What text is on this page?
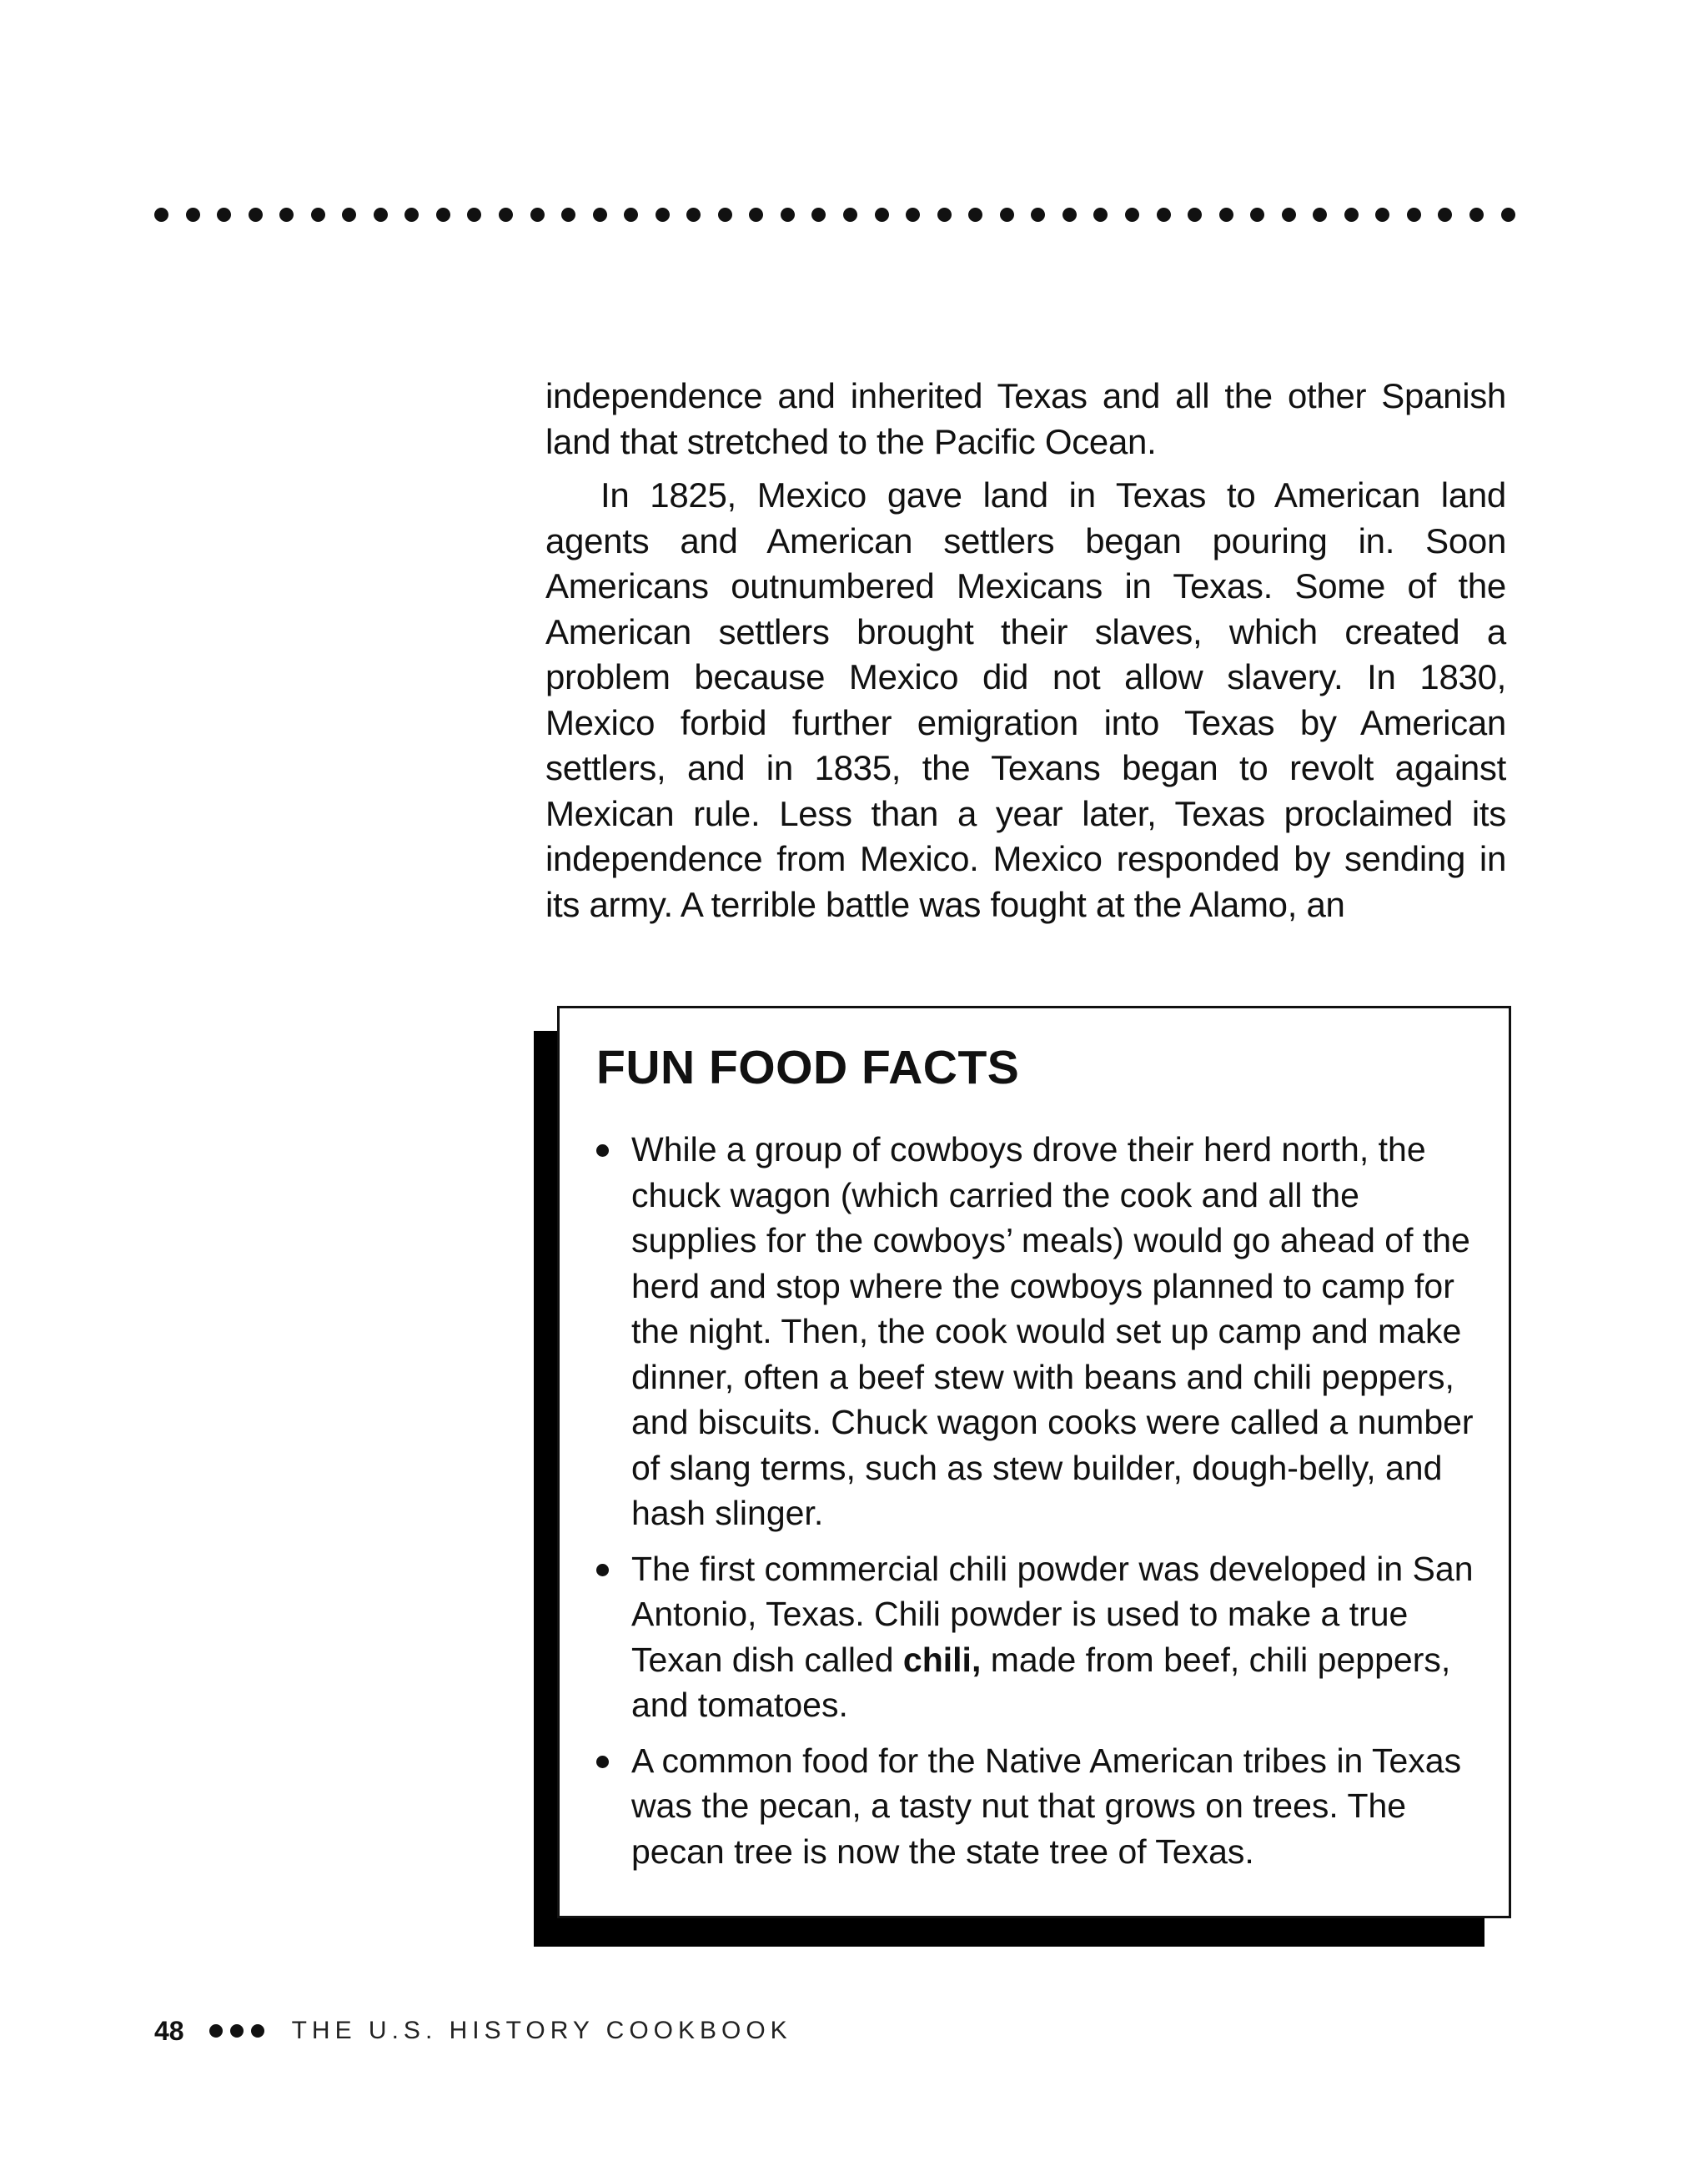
independence and inherited Texas and all the other Spanish land that stretched to the Pacific Ocean.

In 1825, Mexico gave land in Texas to American land agents and American settlers began pouring in. Soon Americans outnumbered Mexicans in Texas. Some of the American settlers brought their slaves, which created a problem because Mexico did not allow slavery. In 1830, Mexico forbid further emigration into Texas by American settlers, and in 1835, the Texans began to revolt against Mexican rule. Less than a year later, Texas proclaimed its independence from Mexico. Mexico responded by sending in its army. A terrible battle was fought at the Alamo, an

FUN FOOD FACTS
While a group of cowboys drove their herd north, the chuck wagon (which carried the cook and all the supplies for the cowboys’ meals) would go ahead of the herd and stop where the cowboys planned to camp for the night. Then, the cook would set up camp and make dinner, often a beef stew with beans and chili peppers, and biscuits. Chuck wagon cooks were called a number of slang terms, such as stew builder, dough-belly, and hash slinger.
The first commercial chili powder was developed in San Antonio, Texas. Chili powder is used to make a true Texan dish called chili, made from beef, chili peppers, and tomatoes.
A common food for the Native American tribes in Texas was the pecan, a tasty nut that grows on trees. The pecan tree is now the state tree of Texas.
48	THE U.S. HISTORY COOKBOOK
